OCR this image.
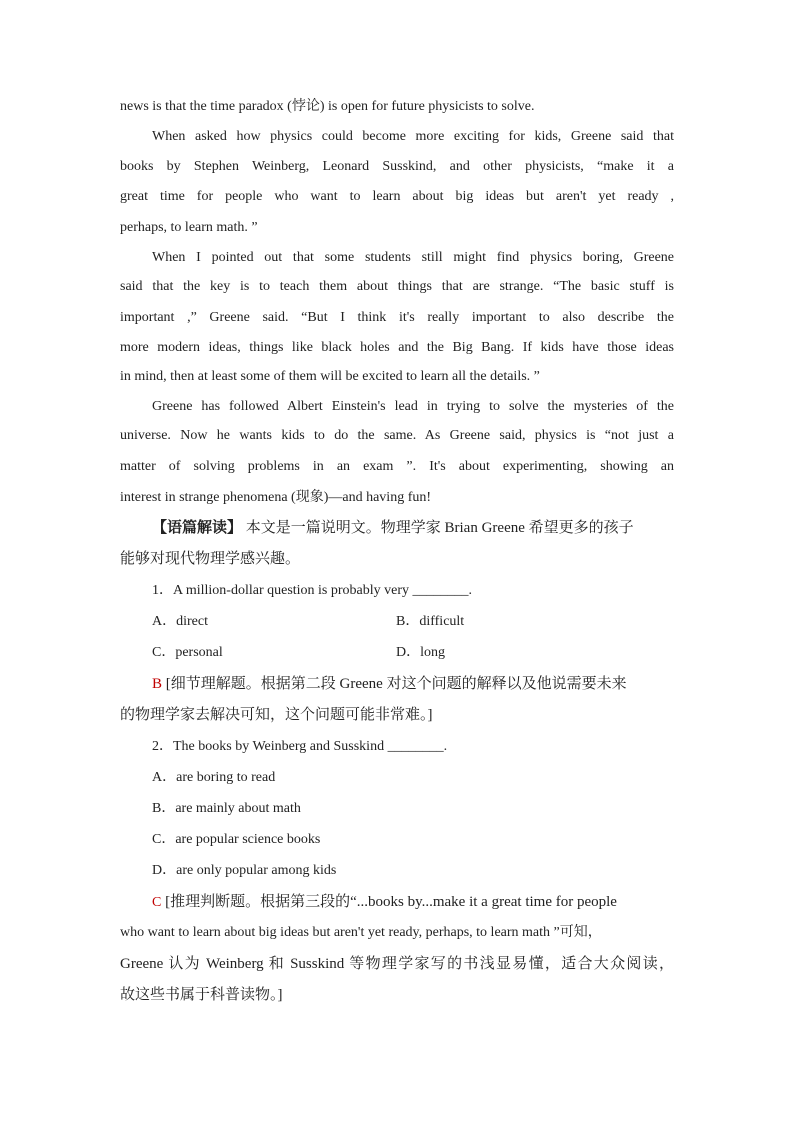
news is that the time paradox (悖论) is open for future physicists to solve.
When asked how physics could become more exciting for kids, Greene said that
books by Stephen Weinberg, Leonard Susskind, and other physicists, “make it a
great time for people who want to learn about big ideas but aren't yet ready ,
perhaps, to learn math. ”
When I pointed out that some students still might find physics boring, Greene
said that the key is to teach them about things that are strange. “The basic stuff is
important ,” Greene said. “But I think it's really important to also describe the
more modern ideas, things like black holes and the Big Bang. If kids have those ideas
in mind, then at least some of them will be excited to learn all the details. ”
Greene has followed Albert Einstein's lead in trying to solve the mysteries of the
universe. Now he wants kids to do the same. As Greene said, physics is “not just a
matter of solving problems in an exam ”. It's about experimenting, showing an
interest in strange phenomena (现象)—and having fun!
【语篇解读】 本文是一篇说明文。物理学家 Brian Greene 希望更多的孩子
能够对现代物理学感兴趣。
1．A million-dollar question is probably very ________.
A．direct	B．difficult
C．personal	D．long
B [细节理解题。根据第二段 Greene 对这个问题的解释以及他说需要未来
的物理学家去解决可知，这个问题可能非常难。]
2．The books by Weinberg and Susskind ________.
A．are boring to read
B．are mainly about math
C．are popular science books
D．are only popular among kids
C [推理判断题。根据第三段的“...books by...make it a great time for people
who want to learn about big ideas but aren't yet ready, perhaps, to learn math ”可知，
Greene 认为 Weinberg 和 Susskind 等物理学家写的书浅显易懂，适合大众阅读，
故这些书属于科普读物。]
